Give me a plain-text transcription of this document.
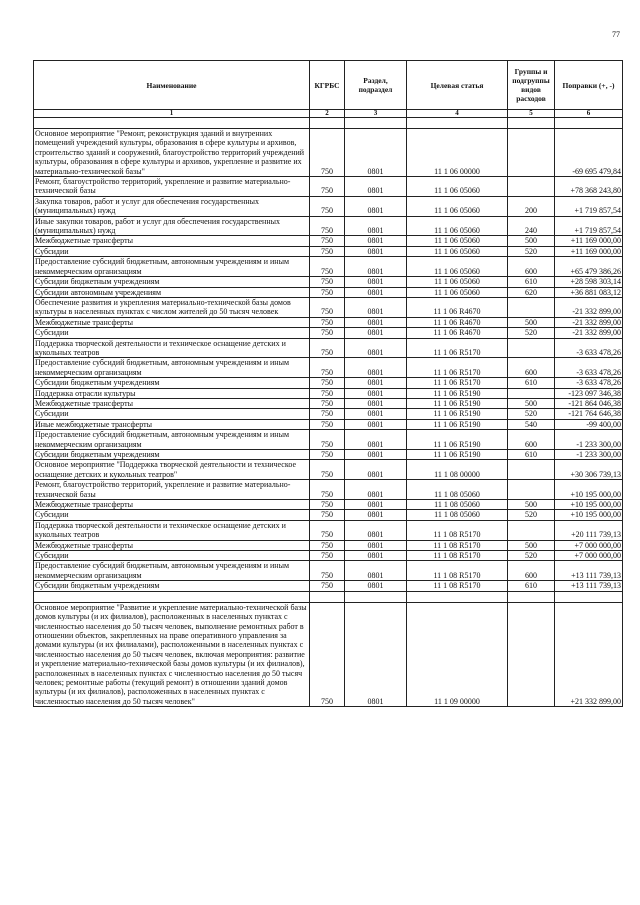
77
Наименование	КГРБС	Раздел, подраздел	Целевая статья	Группы и подгруппы видов расходов	Поправки (+, -)
1	2	3	4	5	6

Основное мероприятие "Ремонт, реконструкция зданий и внутренних помещений учреждений культуры, образования в сфере культуры и архивов, строительство зданий и сооружений, благоустройство территорий учреждений культуры, образования в сфере культуры и архивов, укрепление и развитие их материально-технической базы"	750	0801	11 1 06 00000		-69 695 479,84
Ремонт, благоустройство территорий, укрепление и развитие материально-технической базы	750	0801	11 1 06 05060		+78 368 243,80
Закупка товаров, работ и услуг для обеспечения государственных (муниципальных) нужд	750	0801	11 1 06 05060	200	+1 719 857,54
Иные закупки товаров, работ и услуг для обеспечения государственных (муниципальных) нужд	750	0801	11 1 06 05060	240	+1 719 857,54
Межбюджетные трансферты	750	0801	11 1 06 05060	500	+11 169 000,00
Субсидии	750	0801	11 1 06 05060	520	+11 169 000,00
Предоставление субсидий бюджетным, автономным учреждениям и иным некоммерческим организациям	750	0801	11 1 06 05060	600	+65 479 386,26
Субсидии бюджетным учреждениям	750	0801	11 1 06 05060	610	+28 598 303,14
Субсидии автономным учреждениям	750	0801	11 1 06 05060	620	+36 881 083,12
Обеспечение развития и укрепления материально-технической базы домов культуры в населенных пунктах с числом жителей до 50 тысяч человек	750	0801	11 1 06 R4670		-21 332 899,00
Межбюджетные трансферты	750	0801	11 1 06 R4670	500	-21 332 899,00
Субсидии	750	0801	11 1 06 R4670	520	-21 332 899,00
Поддержка творческой деятельности и техническое оснащение детских и кукольных театров	750	0801	11 1 06 R5170		-3 633 478,26
Предоставление субсидий бюджетным, автономным учреждениям и иным некоммерческим организациям	750	0801	11 1 06 R5170	600	-3 633 478,26
Субсидии бюджетным учреждениям	750	0801	11 1 06 R5170	610	-3 633 478,26
Поддержка отрасли культуры	750	0801	11 1 06 R5190		-123 097 346,38
Межбюджетные трансферты	750	0801	11 1 06 R5190	500	-121 864 046,38
Субсидии	750	0801	11 1 06 R5190	520	-121 764 646,38
Иные межбюджетные трансферты	750	0801	11 1 06 R5190	540	-99 400,00
Предоставление субсидий бюджетным, автономным учреждениям и иным некоммерческим организациям	750	0801	11 1 06 R5190	600	-1 233 300,00
Субсидии бюджетным учреждениям	750	0801	11 1 06 R5190	610	-1 233 300,00
Основное мероприятие "Поддержка творческой деятельности и техническое оснащение детских и кукольных театров"	750	0801	11 1 08 00000		+30 306 739,13
Ремонт, благоустройство территорий, укрепление и развитие материально-технической базы	750	0801	11 1 08 05060		+10 195 000,00
Межбюджетные трансферты	750	0801	11 1 08 05060	500	+10 195 000,00
Субсидии	750	0801	11 1 08 05060	520	+10 195 000,00
Поддержка творческой деятельности и техническое оснащение детских и кукольных театров	750	0801	11 1 08 R5170		+20 111 739,13
Межбюджетные трансферты	750	0801	11 1 08 R5170	500	+7 000 000,00
Субсидии	750	0801	11 1 08 R5170	520	+7 000 000,00
Предоставление субсидий бюджетным, автономным учреждениям и иным некоммерческим организациям	750	0801	11 1 08 R5170	600	+13 111 739,13
Субсидии бюджетным учреждениям	750	0801	11 1 08 R5170	610	+13 111 739,13

Основное мероприятие "Развитие и укрепление материально-технической базы домов культуры (и их филиалов), расположенных в населенных пунктах с численностью населения до 50 тысяч человек, выполнение ремонтных работ в отношении объектов, закрепленных на праве оперативного управления за домами культуры (и их филиалами), расположенными в населенных пунктах с численностью населения до 50 тысяч человек, включая мероприятия: развитие и укрепление материально-технической базы домов культуры (и их филиалов), расположенных в населенных пунктах с численностью населения до 50 тысяч человек; ремонтные работы (текущий ремонт) в отношении зданий домов культуры (и их филиалов), расположенных в населенных пунктах с численностью населения до 50 тысяч человек"	750	0801	11 1 09 00000		+21 332 899,00
